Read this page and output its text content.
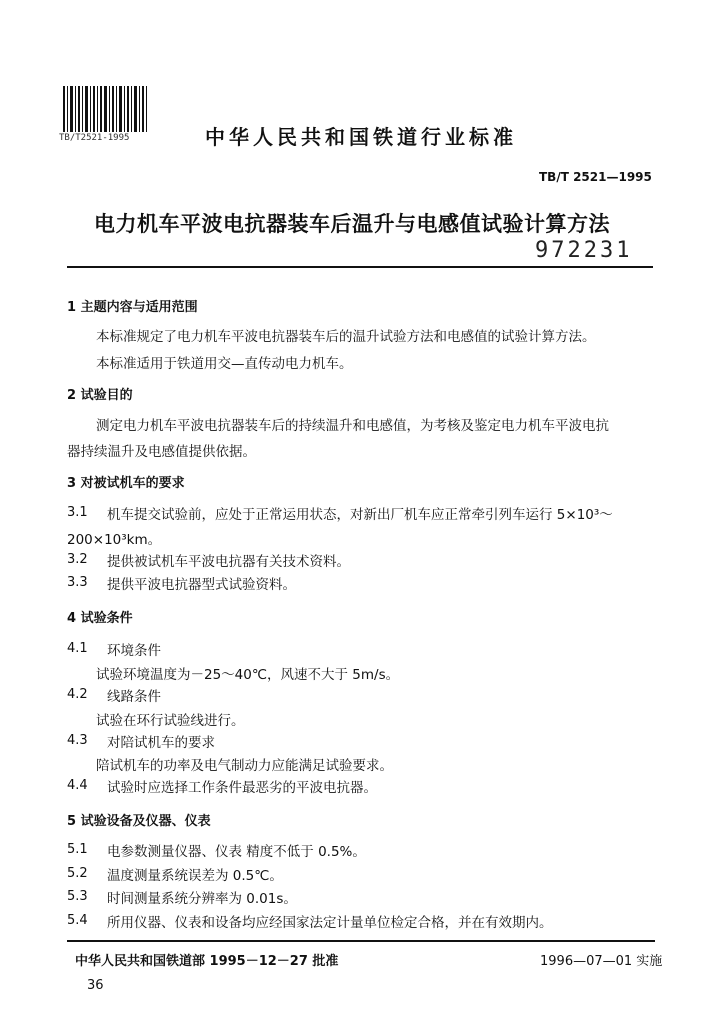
TB/T2521-1995	中华人民共和国铁道行业标准
TB/T 2521—1995
电力机车平波电抗器装车后温升与电感值试验计算方法
972231
1 主题内容与适用范围
本标准规定了电力机车平波电抗器装车后的温升试验方法和电感值的试验计算方法。
本标准适用于铁道用交—直传动电力机车。
2 试验目的
测定电力机车平波电抗器装车后的持续温升和电感值，为考核及鉴定电力机车平波电抗
器持续温升及电感值提供依据。
3 对被试机车的要求
3.1 机车提交试验前，应处于正常运用状态，对新出厂机车应正常牵引列车运行 5×10³～
200×10³km。
3.2 提供被试机车平波电抗器有关技术资料。
3.3 提供平波电抗器型式试验资料。
4 试验条件
4.1 环境条件
试验环境温度为－25～40℃，风速不大于 5m/s。
4.2 线路条件
试验在环行试验线进行。
4.3 对陪试机车的要求
陪试机车的功率及电气制动力应能满足试验要求。
4.4 试验时应选择工作条件最恶劣的平波电抗器。
5 试验设备及仪器、仪表
5.1 电参数测量仪器、仪表 精度不低于 0.5%。
5.2 温度测量系统误差为 0.5℃。
5.3 时间测量系统分辨率为 0.01s。
5.4 所用仪器、仪表和设备均应经国家法定计量单位检定合格，并在有效期内。
中华人民共和国铁道部 1995－12－27 批准	1996—07—01 实施
36
